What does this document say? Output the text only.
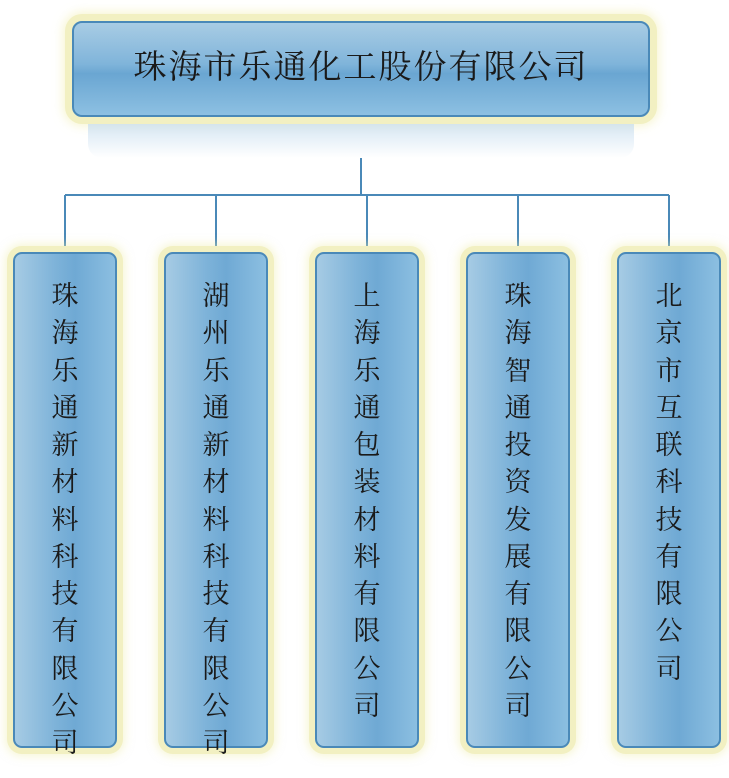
珠海市乐通化工股份有限公司
珠海乐通新材料科技有限公司
湖州乐通新材料科技有限公司
上海乐通包装材料有限公司
珠海智通投资发展有限公司
北京市互联科技有限公司
